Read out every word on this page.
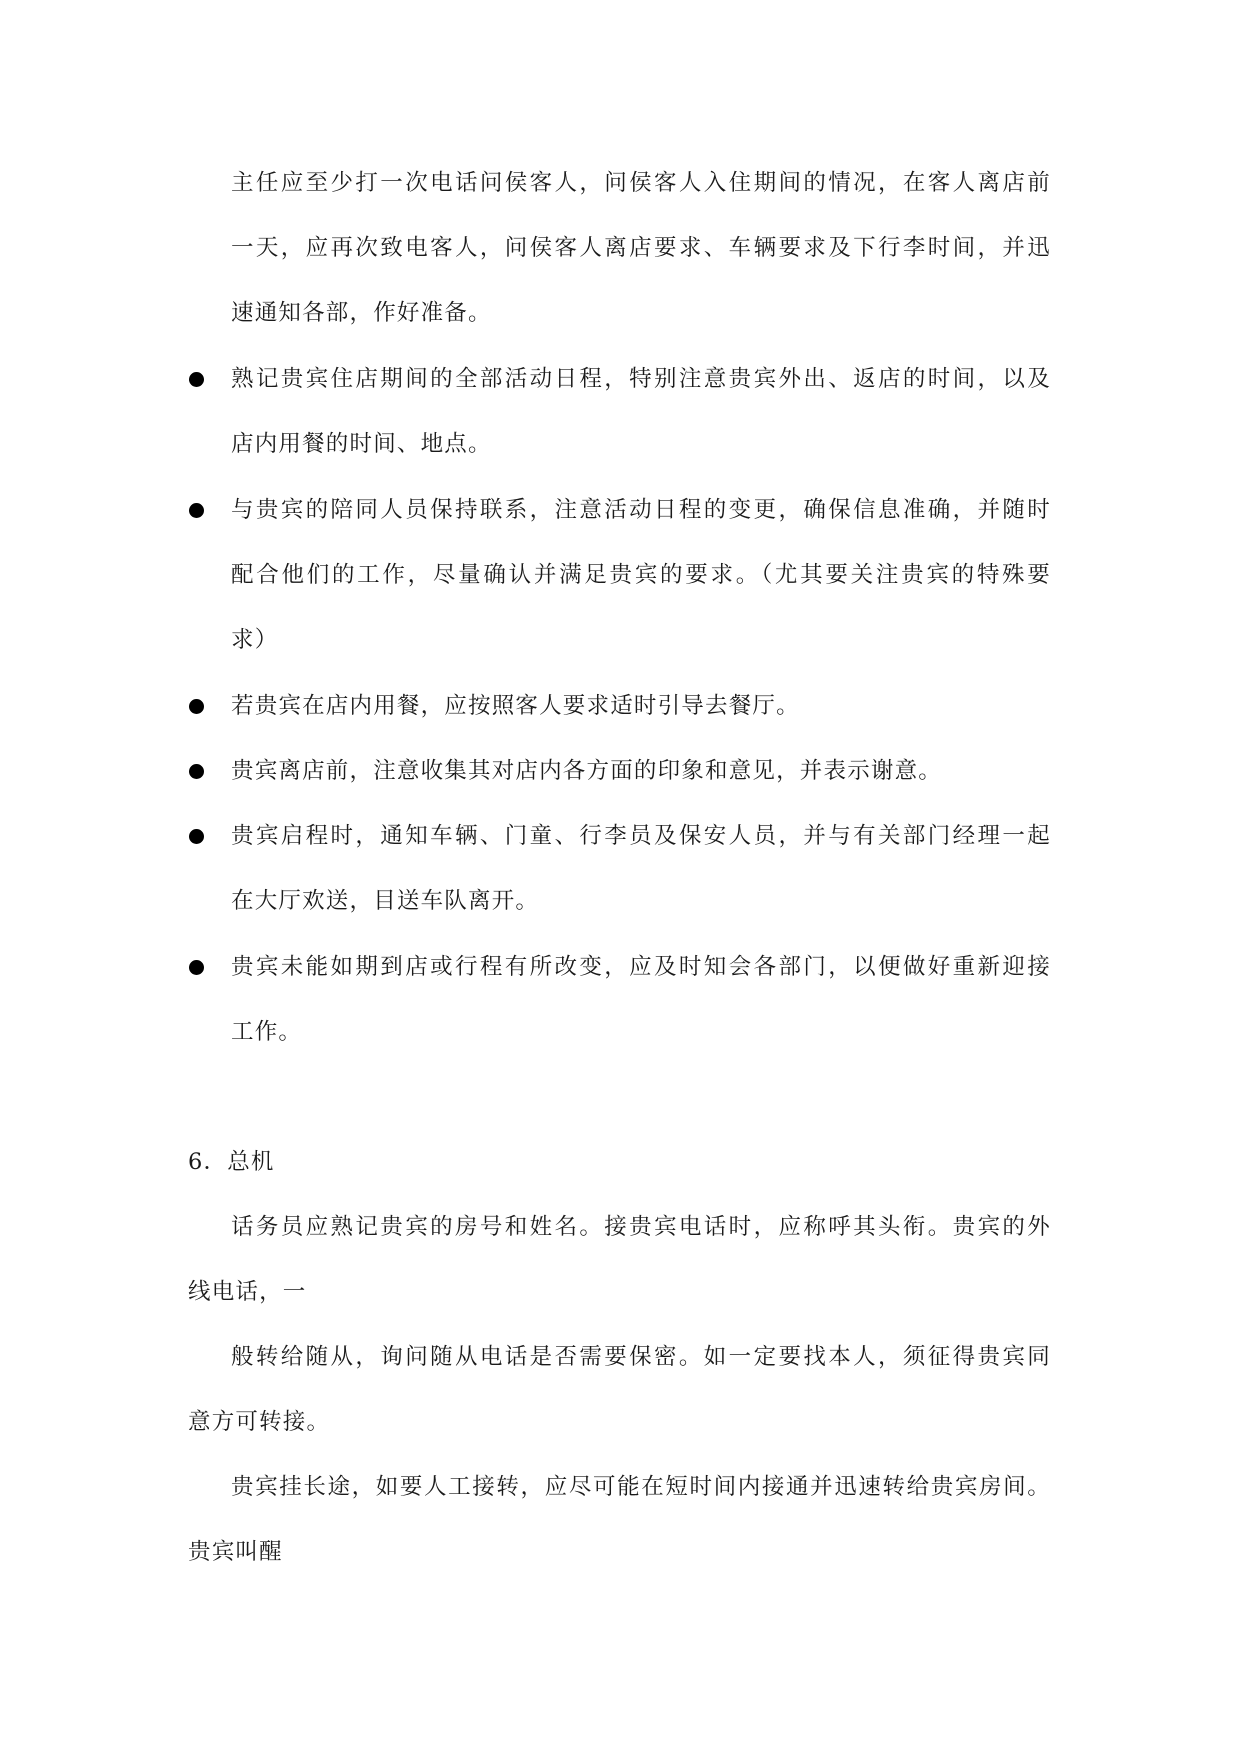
主任应至少打一次电话问侯客人，问侯客人入住期间的情况，在客人离店前
一天，应再次致电客人，问侯客人离店要求、车辆要求及下行李时间，并迅
速通知各部，作好准备。
熟记贵宾住店期间的全部活动日程，特别注意贵宾外出、返店的时间，以及
店内用餐的时间、地点。
与贵宾的陪同人员保持联系，注意活动日程的变更，确保信息准确，并随时
配合他们的工作，尽量确认并满足贵宾的要求。（尤其要关注贵宾的特殊要
求）
若贵宾在店内用餐，应按照客人要求适时引导去餐厅。
贵宾离店前，注意收集其对店内各方面的印象和意见，并表示谢意。
贵宾启程时，通知车辆、门童、行李员及保安人员，并与有关部门经理一起
在大厅欢送，目送车队离开。
贵宾未能如期到店或行程有所改变，应及时知会各部门，以便做好重新迎接
工作。
6．总机
话务员应熟记贵宾的房号和姓名。接贵宾电话时，应称呼其头衔。贵宾的外
线电话，一
般转给随从，询问随从电话是否需要保密。如一定要找本人，须征得贵宾同
意方可转接。
贵宾挂长途，如要人工接转，应尽可能在短时间内接通并迅速转给贵宾房间。
贵宾叫醒
